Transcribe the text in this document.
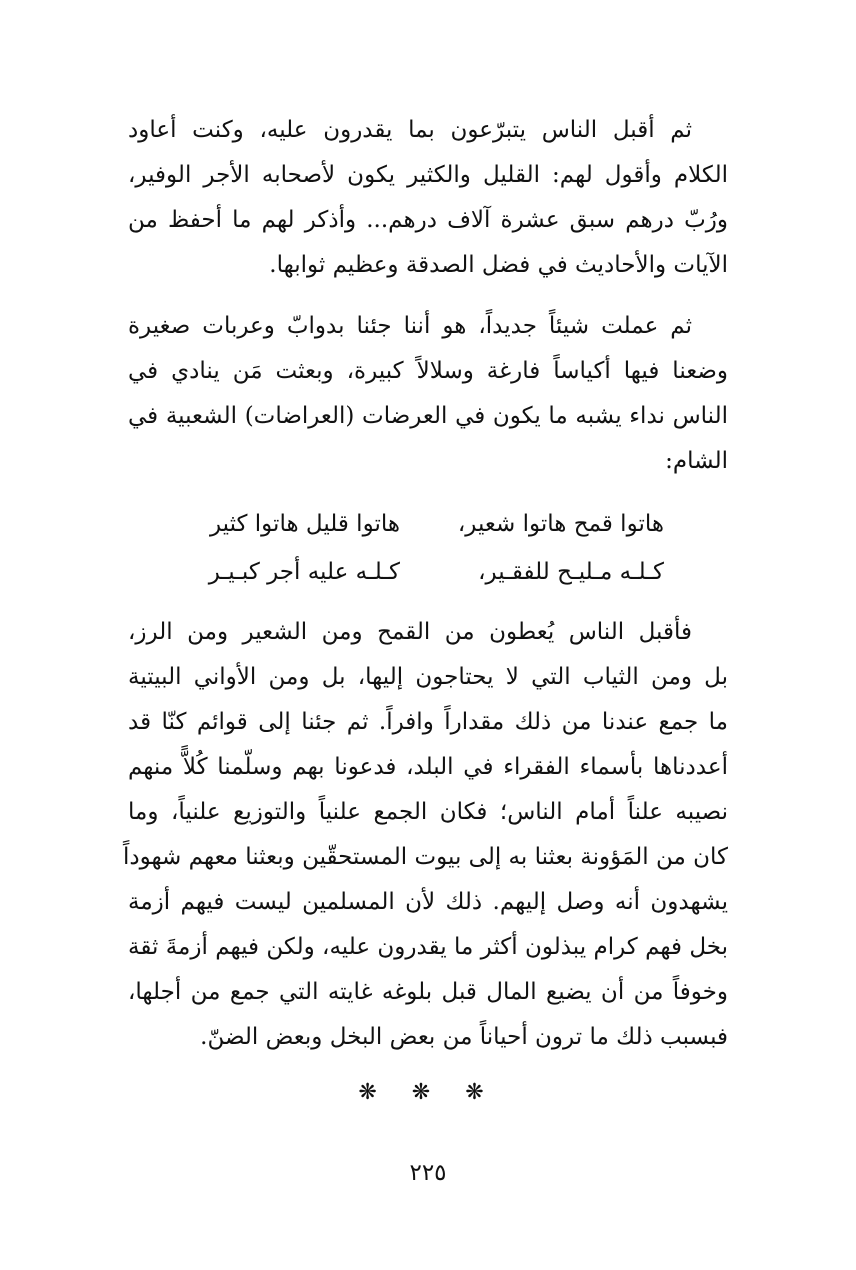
ثم أقبل الناس يتبرّعون بما يقدرون عليه، وكنت أعاود
الكلام وأقول لهم: القليل والكثير يكون لأصحابه الأجر الوفير،
ورُبّ درهم سبق عشرة آلاف درهم... وأذكر لهم ما أحفظ من
الآيات والأحاديث في فضل الصدقة وعظيم ثوابها.
ثم عملت شيئاً جديداً، هو أننا جئنا بدوابّ وعربات صغيرة
وضعنا فيها أكياساً فارغة وسلالاً كبيرة، وبعثت مَن ينادي في
الناس نداء يشبه ما يكون في العرضات (العراضات) الشعبية في
الشام:
هاتوا قمح هاتوا شعير،
هاتوا قليل هاتوا كثير
كـلـه مـليـح للفقـير،
كـلـه عليه أجر كبـيـر
فأقبل الناس يُعطون من القمح ومن الشعير ومن الرز،
بل ومن الثياب التي لا يحتاجون إليها، بل ومن الأواني البيتية
ما جمع عندنا من ذلك مقداراً وافراً. ثم جئنا إلى قوائم كنّا قد
أعددناها بأسماء الفقراء في البلد، فدعونا بهم وسلّمنا كُلاًّ منهم
نصيبه علناً أمام الناس؛ فكان الجمع علنياً والتوزيع علنياً، وما
كان من المَؤونة بعثنا به إلى بيوت المستحقّين وبعثنا معهم شهوداً
يشهدون أنه وصل إليهم. ذلك لأن المسلمين ليست فيهم أزمة
بخل فهم كرام يبذلون أكثر ما يقدرون عليه، ولكن فيهم أزمةَ ثقة
وخوفاً من أن يضيع المال قبل بلوغه غايته التي جمع من أجلها،
فبسبب ذلك ما ترون أحياناً من بعض البخل وبعض الضنّ.
❋ ❋ ❋
٢٢٥
